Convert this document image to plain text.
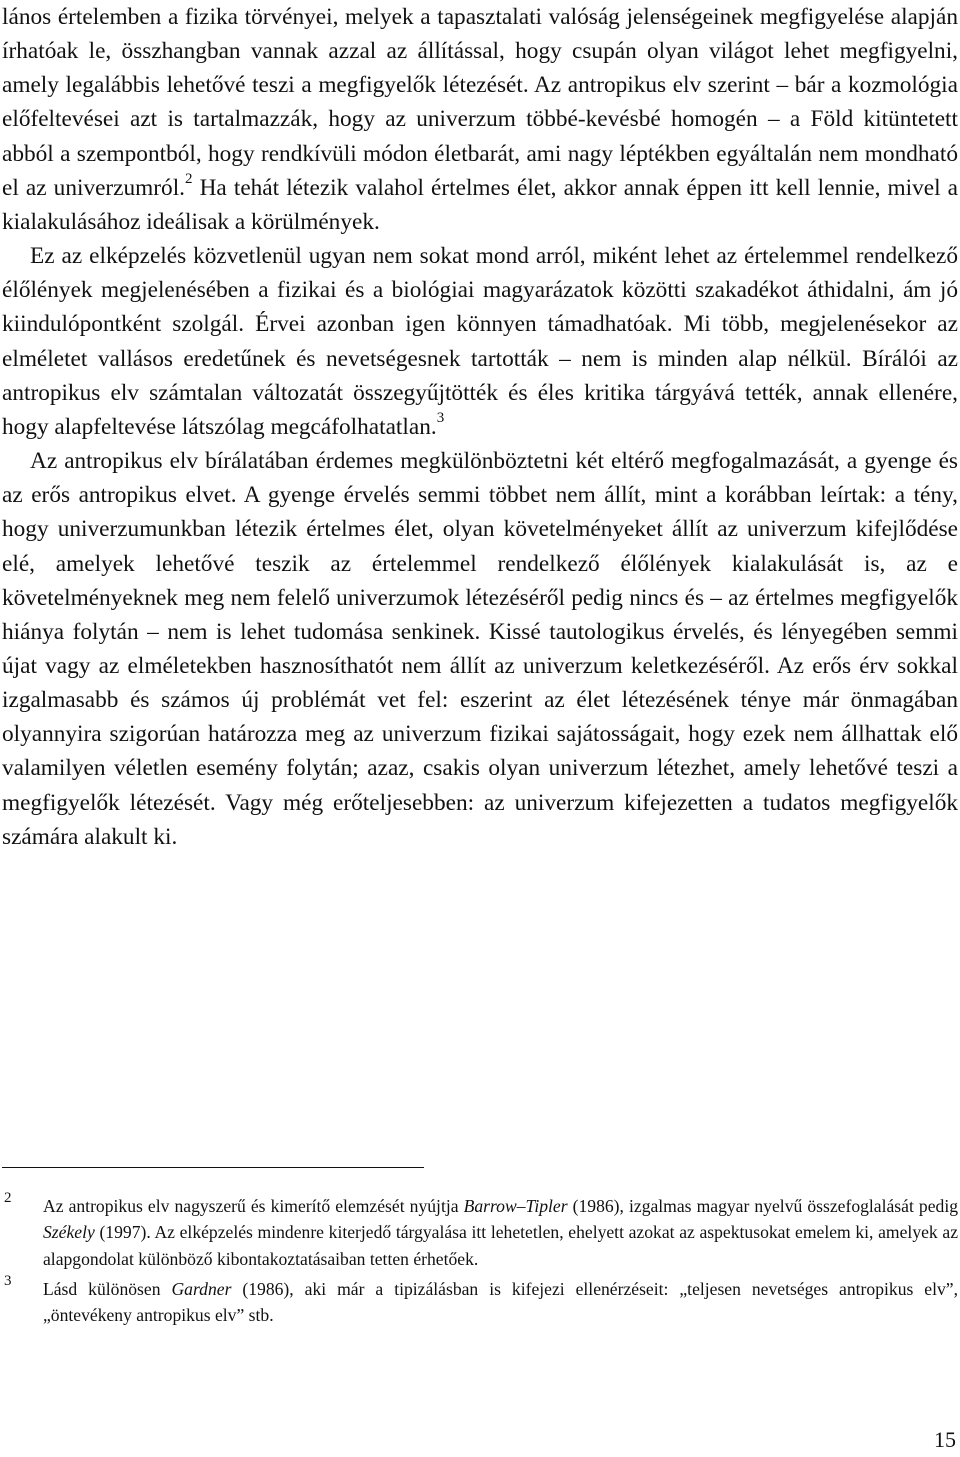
lános értelemben a fizika törvényei, melyek a tapasztalati valóság jelenségeinek megfigyelése alapján írhatóak le, összhangban vannak azzal az állítással, hogy csupán olyan világot lehet megfigyelni, amely legalábbis lehetővé teszi a megfigyelők létezését. Az antropikus elv szerint – bár a kozmológia előfeltevései azt is tartalmazzák, hogy az univerzum többé-kevésbé homogén – a Föld kitüntetett abból a szempontból, hogy rendkívüli módon életbarát, ami nagy léptékben egyáltalán nem mondható el az univerzumról.$^2$ Ha tehát létezik valahol értelmes élet, akkor annak éppen itt kell lennie, mivel a kialakulásához ideálisak a körülmények.

Ez az elképzelés közvetlenül ugyan nem sokat mond arról, miként lehet az értelemmel rendelkező élőlények megjelenésében a fizikai és a biológiai magyarázatok közötti szakadékot áthidalni, ám jó kiindulópontként szolgál. Érvei azonban igen könnyen támadhatóak. Mi több, megjelenésekor az elméletet vallásos eredetűnek és nevetségesnek tartották – nem is minden alap nélkül. Bírálói az antropikus elv számtalan változatát összegyűjtötték és éles kritika tárgyává tették, annak ellenére, hogy alapfeltevése látszólag megcáfolhatatlan.$^3$

Az antropikus elv bírálatában érdemes megkülönböztetni két eltérő megfogalmazását, a gyenge és az erős antropikus elvet. A gyenge érvelés semmi többet nem állít, mint a korábban leírtak: a tény, hogy univerzumunkban létezik értelmes élet, olyan követelményeket állít az univerzum kifejlődése elé, amelyek lehetővé teszik az értelemmel rendelkező élőlények kialakulását is, az e követelményeknek meg nem felelő univerzumok létezéséről pedig nincs és – az értelmes megfigyelők hiánya folytán – nem is lehet tudomása senkinek. Kissé tautologikus érvelés, és lényegében semmi újat vagy az elméletekben hasznosíthatót nem állít az univerzum keletkezéséről. Az erős érv sokkal izgalmasabb és számos új problémát vet fel: eszerint az élet létezésének ténye már önmagában olyannyira szigorúan határozza meg az univerzum fizikai sajátosságait, hogy ezek nem állhattak elő valamilyen véletlen esemény folytán; azaz, csakis olyan univerzum létezhet, amely lehetővé teszi a megfigyelők létezését. Vagy még erőteljesebben: az univerzum kifejezetten a tudatos megfigyelők számára alakult ki.

2 Az antropikus elv nagyszerű és kimerítő elemzését nyújtja Barrow–Tipler (1986), izgalmas magyar nyelvű összefoglalását pedig Székely (1997). Az elképzelés mindenre kiterjedő tárgyalása itt lehetetlen, ehelyett azokat az aspektusokat emelem ki, amelyek az alapgondolat különböző kibontakoztatásaiban tetten érhetőek.
3 Lásd különösen Gardner (1986), aki már a tipizálásban is kifejezi ellenérzéseit: „teljesen nevetséges antropikus elv”, „öntevékeny antropikus elv” stb.
15
